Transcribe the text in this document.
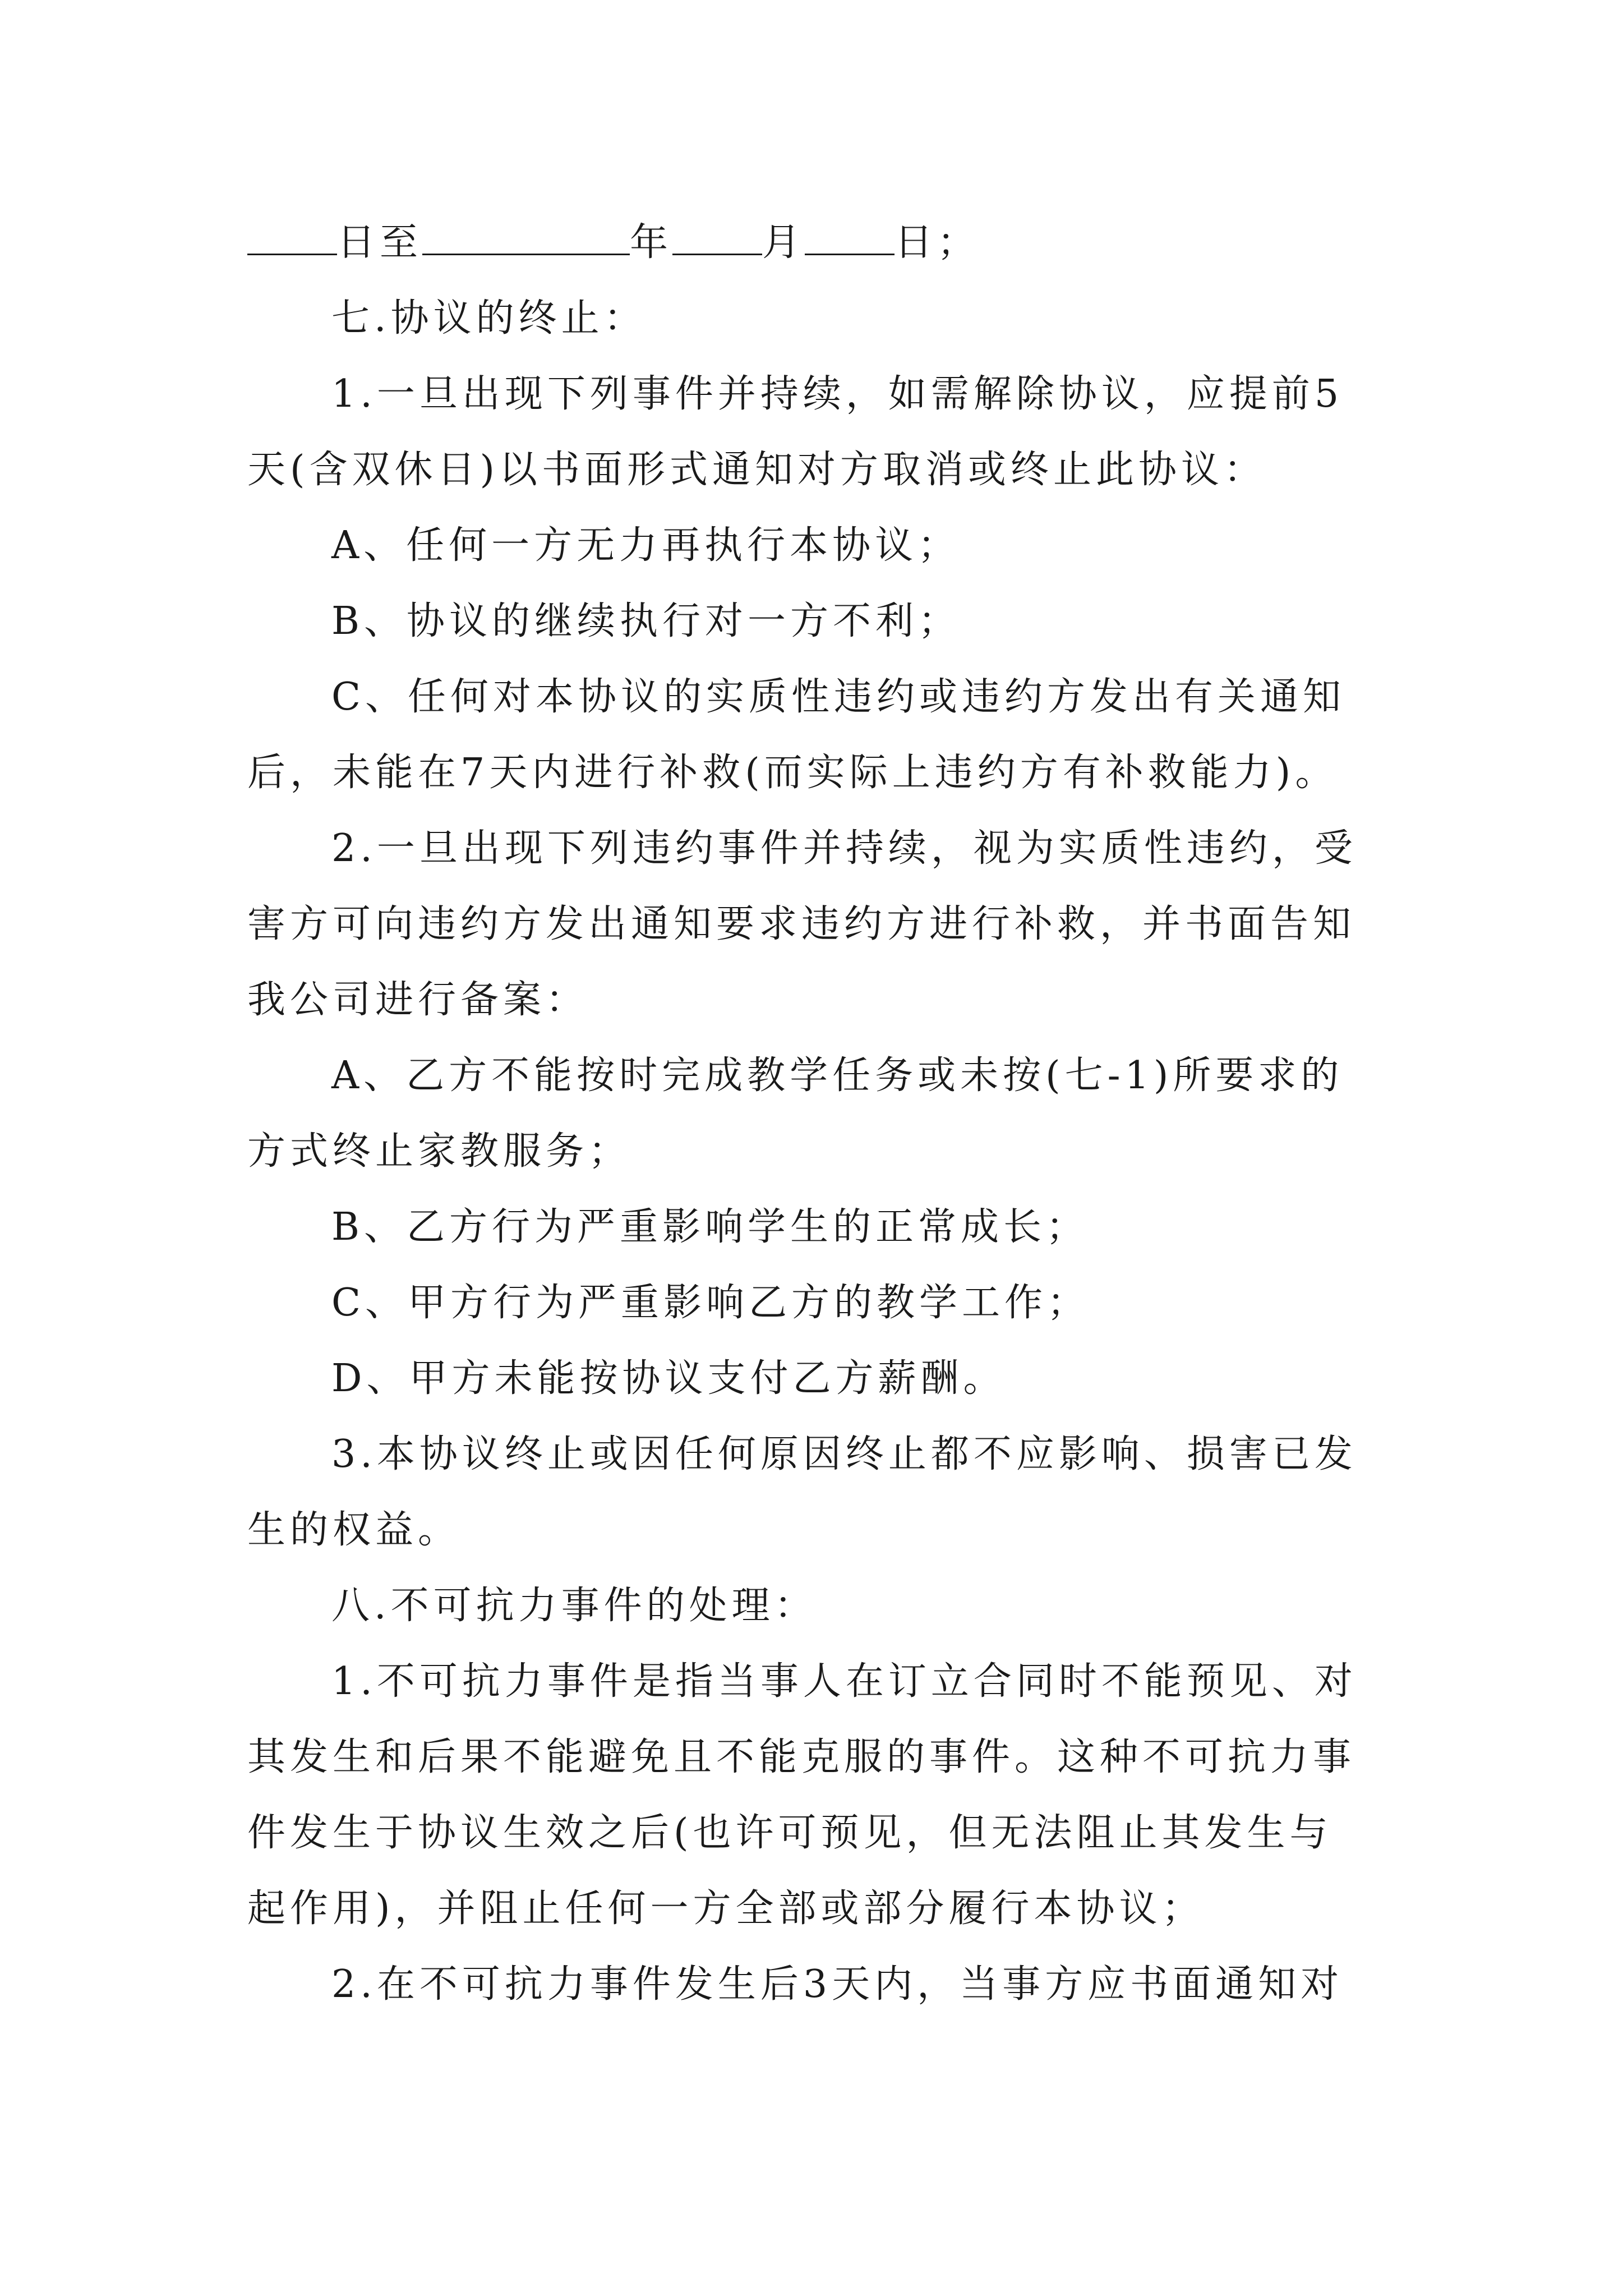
日至	年 月 日；
七.协议的终止：
1.一旦出现下列事件并持续，如需解除协议，应提前5
天(含双休日)以书面形式通知对方取消或终止此协议：
A、任何一方无力再执行本协议；
B、协议的继续执行对一方不利；
C、任何对本协议的实质性违约或违约方发出有关通知
后，未能在7天内进行补救(而实际上违约方有补救能力)。
2.一旦出现下列违约事件并持续，视为实质性违约，受
害方可向违约方发出通知要求违约方进行补救，并书面告知
我公司进行备案：
A、乙方不能按时完成教学任务或未按(七-1)所要求的
方式终止家教服务；
B、乙方行为严重影响学生的正常成长；
C、甲方行为严重影响乙方的教学工作；
D、甲方未能按协议支付乙方薪酬。
3.本协议终止或因任何原因终止都不应影响、损害已发
生的权益。
八.不可抗力事件的处理：
1.不可抗力事件是指当事人在订立合同时不能预见、对
其发生和后果不能避免且不能克服的事件。这种不可抗力事
件发生于协议生效之后(也许可预见，但无法阻止其发生与
起作用)，并阻止任何一方全部或部分履行本协议；
2.在不可抗力事件发生后3天内，当事方应书面通知对
